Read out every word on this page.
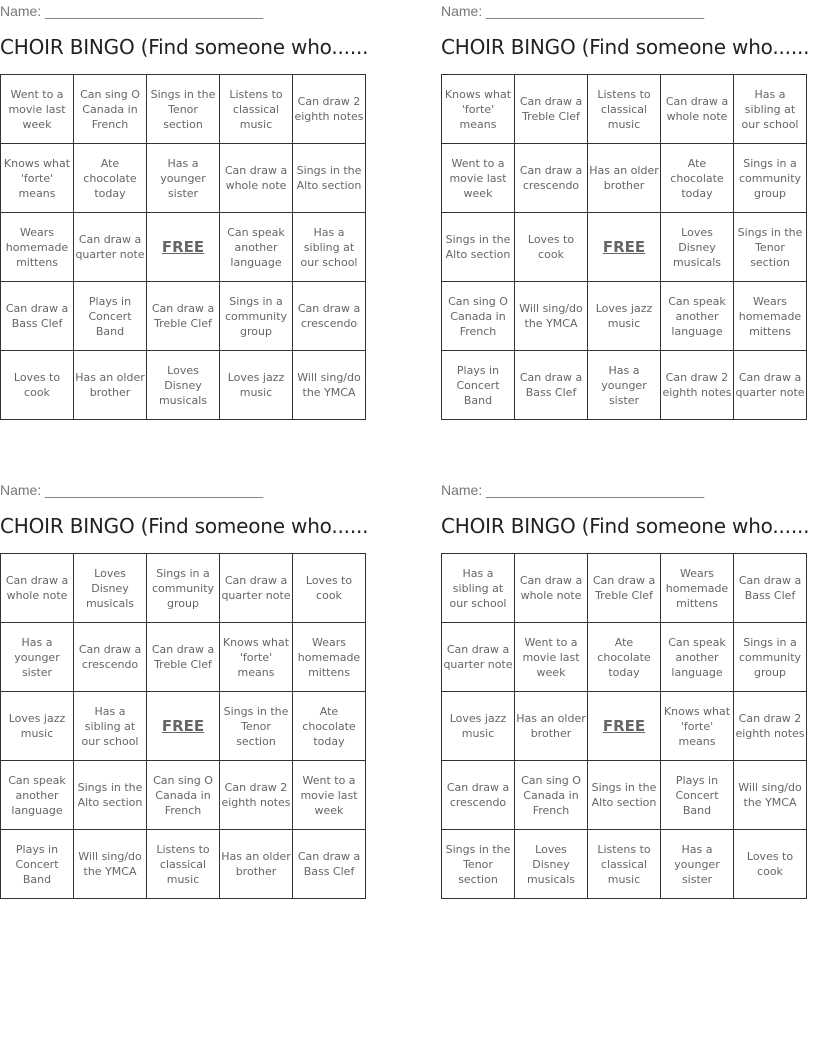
Name: ____________________________
CHOIR BINGO (Find someone who......
Went to a movie last week	Can sing O Canada in French	Sings in the Tenor section	Listens to classical music	Can draw 2 eighth notes
Knows what 'forte' means	Ate chocolate today	Has a younger sister	Can draw a whole note	Sings in the Alto section
Wears homemade mittens	Can draw a quarter note	FREE	Can speak another language	Has a sibling at our school
Can draw a Bass Clef	Plays in Concert Band	Can draw a Treble Clef	Sings in a community group	Can draw a crescendo
Loves to cook	Has an older brother	Loves Disney musicals	Loves jazz music	Will sing/do the YMCA
Name: ____________________________
CHOIR BINGO (Find someone who......
Knows what 'forte' means	Can draw a Treble Clef	Listens to classical music	Can draw a whole note	Has a sibling at our school
Went to a movie last week	Can draw a crescendo	Has an older brother	Ate chocolate today	Sings in a community group
Sings in the Alto section	Loves to cook	FREE	Loves Disney musicals	Sings in the Tenor section
Can sing O Canada in French	Will sing/do the YMCA	Loves jazz music	Can speak another language	Wears homemade mittens
Plays in Concert Band	Can draw a Bass Clef	Has a younger sister	Can draw 2 eighth notes	Can draw a quarter note
Name: ____________________________
CHOIR BINGO (Find someone who......
Can draw a whole note	Loves Disney musicals	Sings in a community group	Can draw a quarter note	Loves to cook
Has a younger sister	Can draw a crescendo	Can draw a Treble Clef	Knows what 'forte' means	Wears homemade mittens
Loves jazz music	Has a sibling at our school	FREE	Sings in the Tenor section	Ate chocolate today
Can speak another language	Sings in the Alto section	Can sing O Canada in French	Can draw 2 eighth notes	Went to a movie last week
Plays in Concert Band	Will sing/do the YMCA	Listens to classical music	Has an older brother	Can draw a Bass Clef
Name: ____________________________
CHOIR BINGO (Find someone who......
Has a sibling at our school	Can draw a whole note	Can draw a Treble Clef	Wears homemade mittens	Can draw a Bass Clef
Can draw a quarter note	Went to a movie last week	Ate chocolate today	Can speak another language	Sings in a community group
Loves jazz music	Has an older brother	FREE	Knows what 'forte' means	Can draw 2 eighth notes
Can draw a crescendo	Can sing O Canada in French	Sings in the Alto section	Plays in Concert Band	Will sing/do the YMCA
Sings in the Tenor section	Loves Disney musicals	Listens to classical music	Has a younger sister	Loves to cook
